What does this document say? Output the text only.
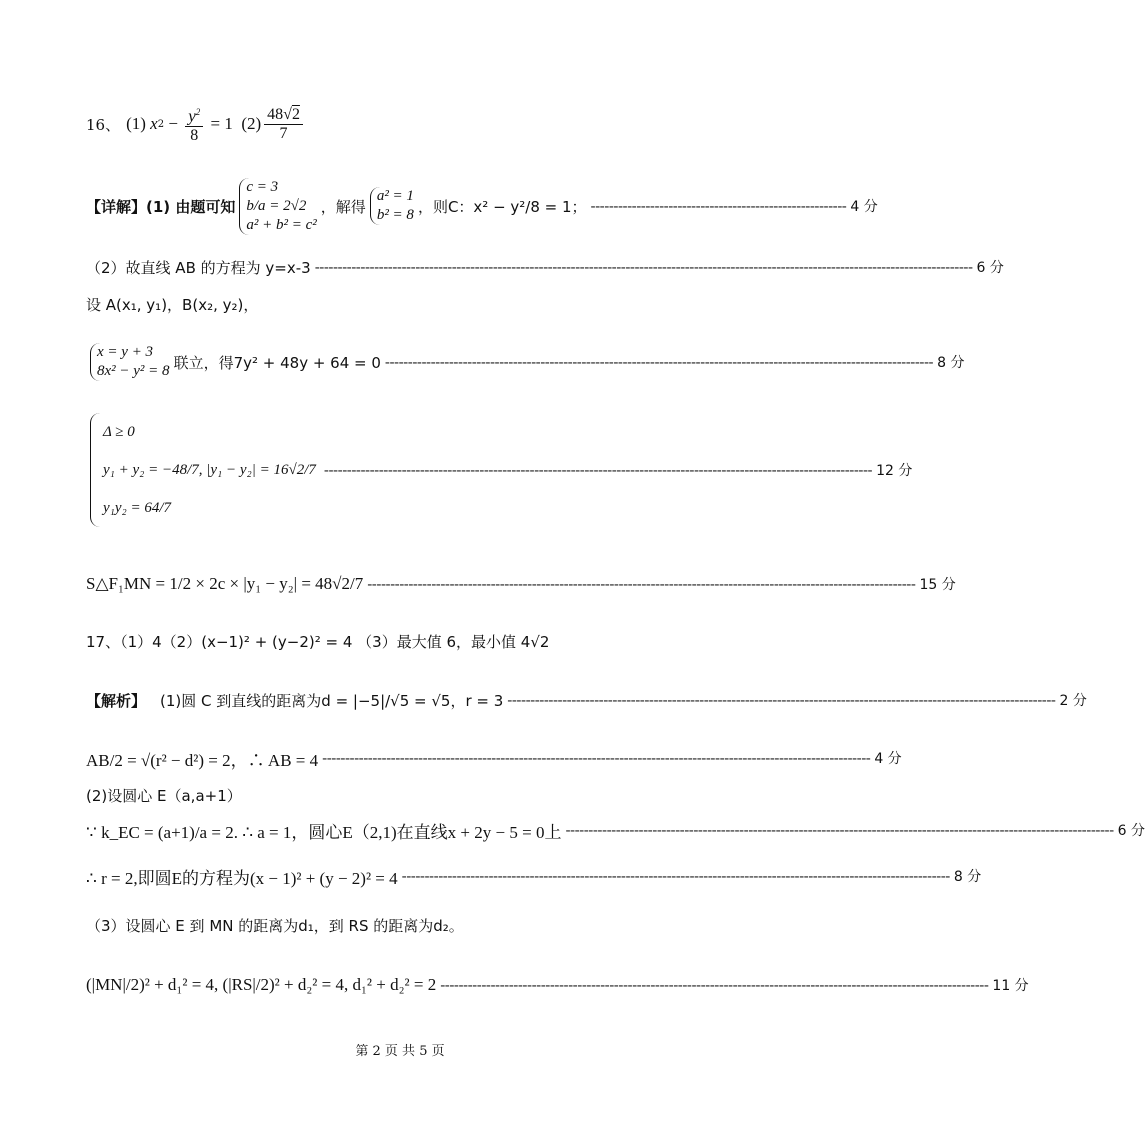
16、 (1) x $2 - \frac{y^2}{8} = 1$  (2) 48√2
7
【详解】 (1) 由题可知
c = 3
b/a = 2√2
a² + b² = c²
，解得
a² = 1
b² = 8 ，则C：x² − y²/8 = 1； -------------------------------------------------------- 4 分
（2）故直线 AB 的方程为 y=x-3 ------------------------------------------------------------------------------------------------------------------------------------------------ 6 分
设 A(x₁, y₁)，B(x₂, y₂)，
x = y + 3
8x² − y² = 8 联立，得7y² + 48y + 64 = 0 ------------------------------------------------------------------------------------------------------------------------ 8 分
Δ ≥ 0
y₁ + y₂ = −48/7, |y₁ − y₂| = 16√2/7
y₁y₂ = 64/7
------------------------------------------------------------------------------------------------------------------------ 12 分
S△F₁MN = 1/2 × 2c × |y₁ − y₂| = 48√2/7 ------------------------------------------------------------------------------------------------------------------------ 15 分
17、（1）4（2）(x−1)² + (y−2)² = 4 （3）最大值 6，最小值 4√2
【解析】 (1)圆 C 到直线的距离为d = |−5|/√5 = √5，r = 3 ------------------------------------------------------------------------------------------------------------------------ 2 分
AB/2 = √(r² − d²) = 2，∴ AB = 4 ------------------------------------------------------------------------------------------------------------------------ 4 分
(2)设圆心 E（a,a+1）
∵ k_EC = (a+1)/a = 2. ∴ a = 1，圆心E（2,1)在直线x + 2y − 5 = 0上 ------------------------------------------------------------------------------------------------------------------------ 6 分
∴ r = 2,即圆E的方程为(x − 1)² + (y − 2)² = 4 ------------------------------------------------------------------------------------------------------------------------ 8 分
（3）设圆心 E 到 MN 的距离为d₁，到 RS 的距离为d₂。
(|MN|/2)² + d₁² = 4, (|RS|/2)² + d₂² = 4, d₁² + d₂² = 2 ------------------------------------------------------------------------------------------------------------------------ 11 分
第 2 页 共 5 页
